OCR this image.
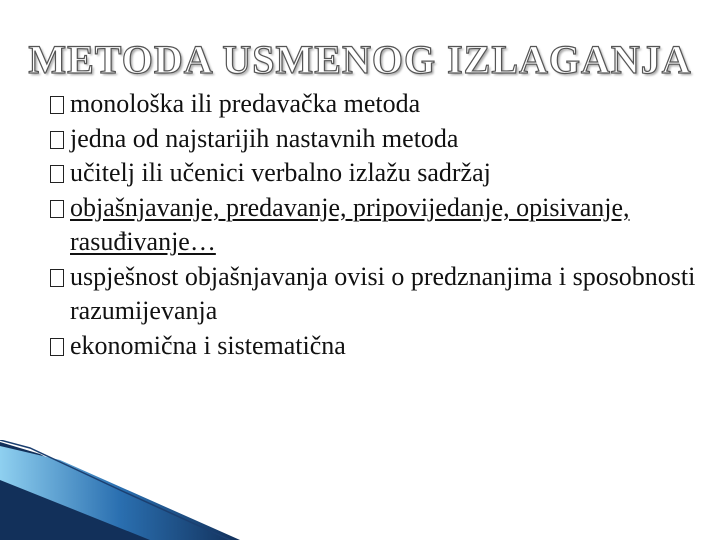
METODA USMENOG IZLAGANJA
monološka ili predavačka metoda
jedna od najstarijih nastavnih metoda
učitelj ili učenici verbalno izlažu sadržaj
objašnjavanje, predavanje, pripovijedanje, opisivanje, rasuđivanje…
uspješnost objašnjavanja ovisi o predznanjima i sposobnosti razumijevanja
ekonomična i sistematična
